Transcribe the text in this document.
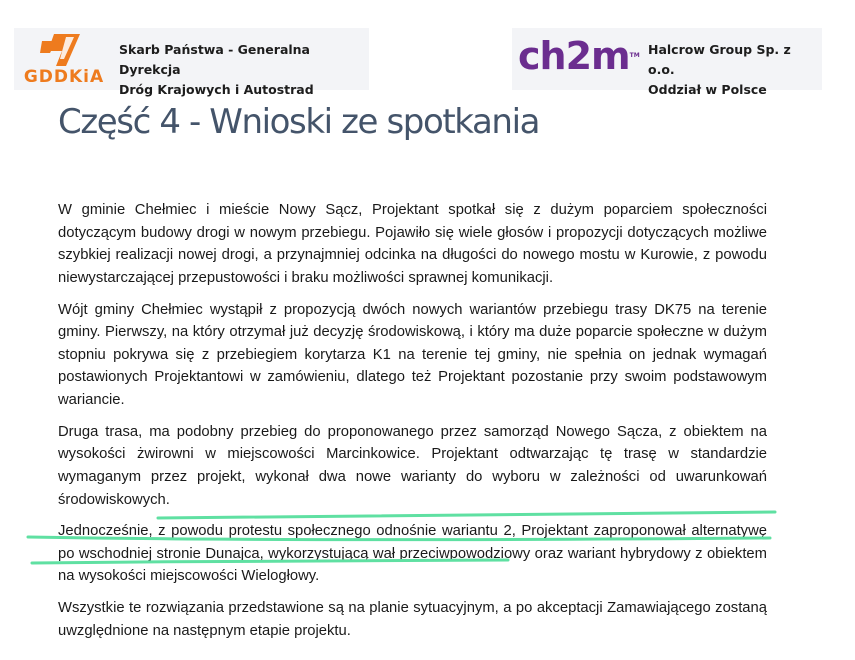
GDDKiA
Skarb Państwa - Generalna Dyrekcja
Dróg Krajowych i Autostrad
ch2mTM Halcrow Group Sp. z o.o.
Oddział w Polsce
Część 4 - Wnioski ze spotkania

W gminie Chełmiec i mieście Nowy Sącz, Projektant spotkał się z dużym poparciem społeczności dotyczącym budowy drogi w nowym przebiegu. Pojawiło się wiele głosów i propozycji dotyczących możliwe szybkiej realizacji nowej drogi, a przynajmniej odcinka na długości do nowego mostu w Kurowie, z powodu niewystarczającej przepustowości i braku możliwości sprawnej komunikacji.

Wójt gminy Chełmiec wystąpił z propozycją dwóch nowych wariantów przebiegu trasy DK75 na terenie gminy. Pierwszy, na który otrzymał już decyzję środowiskową, i który ma duże poparcie społeczne w dużym stopniu pokrywa się z przebiegiem korytarza K1 na terenie tej gminy, nie spełnia on jednak wymagań postawionych Projektantowi w zamówieniu, dlatego też Projektant pozostanie przy swoim podstawowym wariancie.

Druga trasa, ma podobny przebieg do proponowanego przez samorząd Nowego Sącza, z obiektem na wysokości żwirowni w miejscowości Marcinkowice. Projektant odtwarzając tę trasę w standardzie wymaganym przez projekt, wykonał dwa nowe warianty do wyboru w zależności od uwarunkowań środowiskowych.

Jednocześnie, z powodu protestu społecznego odnośnie wariantu 2, Projektant zaproponował alternatywę po wschodniej stronie Dunajca, wykorzystującą wał przeciwpowodziowy oraz wariant hybrydowy z obiektem na wysokości miejscowości Wielogłowy.

Wszystkie te rozwiązania przedstawione są na planie sytuacyjnym, a po akceptacji Zamawiającego zostaną uwzględnione na następnym etapie projektu.
